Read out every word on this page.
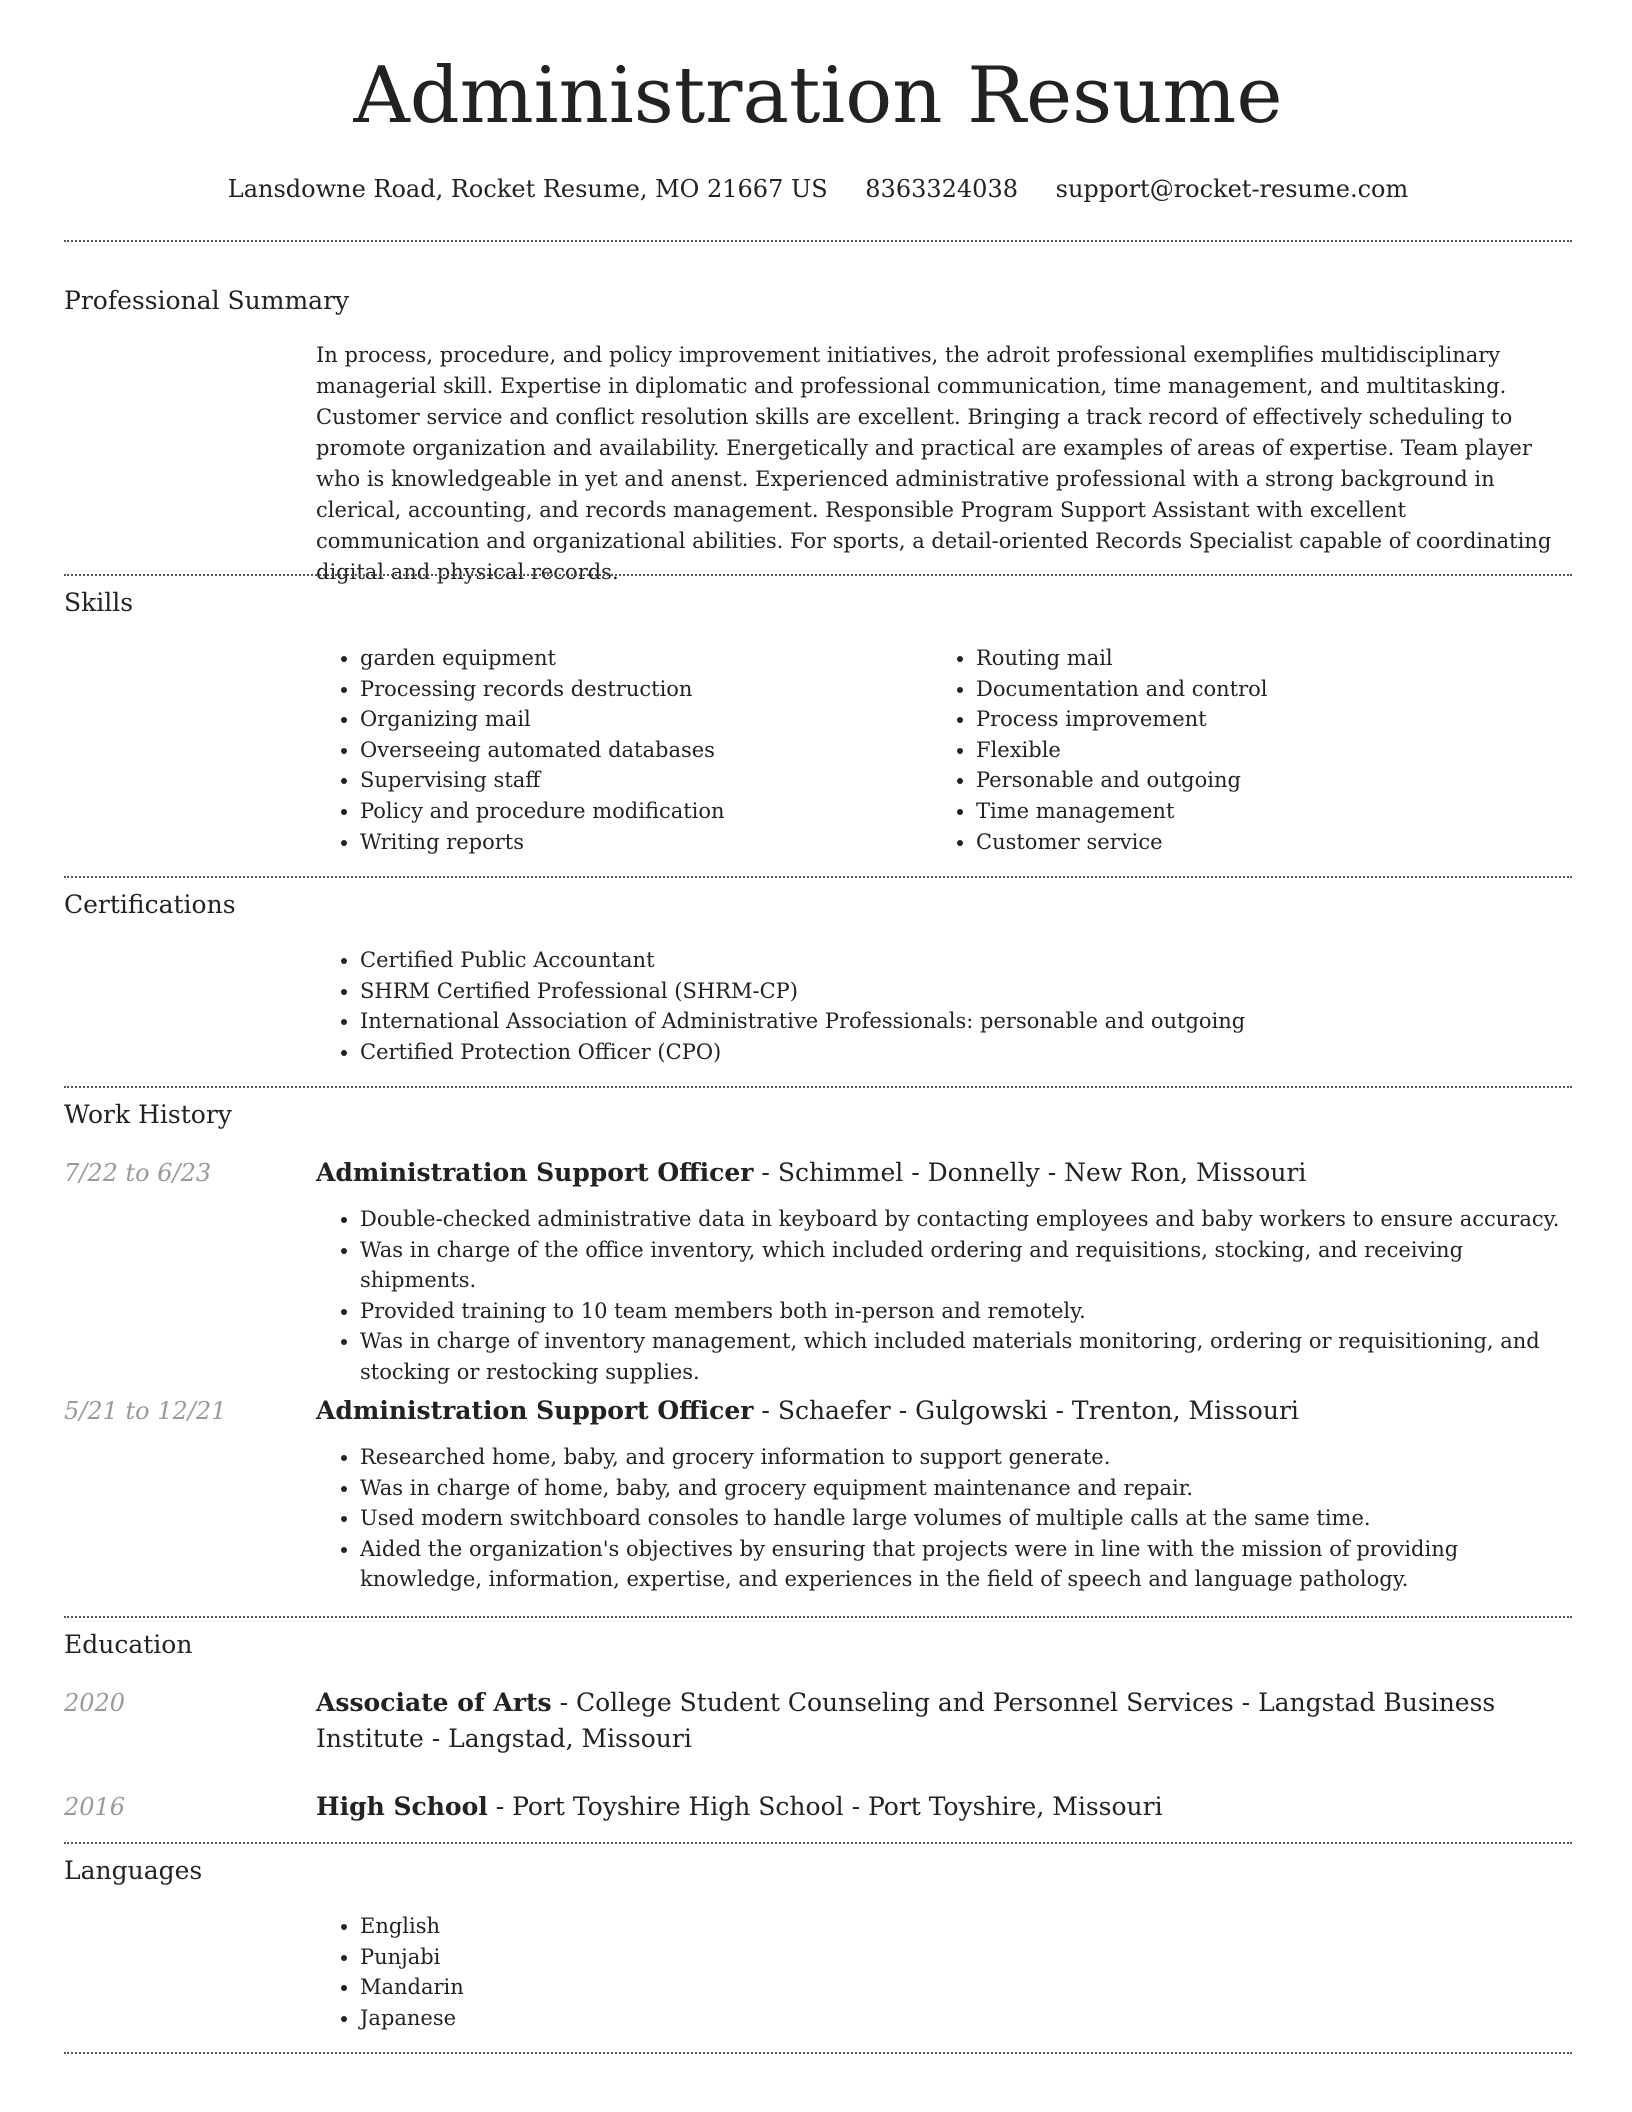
Administration Resume
Lansdowne Road, Rocket Resume, MO 21667 US 8363324038 support@rocket-resume.com
Professional Summary

In process, procedure, and policy improvement initiatives, the adroit professional exemplifies multidisciplinary managerial skill. Expertise in diplomatic and professional communication, time management, and multitasking. Customer service and conflict resolution skills are excellent. Bringing a track record of effectively scheduling to promote organization and availability. Energetically and practical are examples of areas of expertise. Team player who is knowledgeable in yet and anenst. Experienced administrative professional with a strong background in clerical, accounting, and records management. Responsible Program Support Assistant with excellent communication and organizational abilities. For sports, a detail-oriented Records Specialist capable of coordinating digital and physical records.

Skills
• garden equipment
• Processing records destruction
• Organizing mail
• Overseeing automated databases
• Supervising staff
• Policy and procedure modification
• Writing reports
• Routing mail
• Documentation and control
• Process improvement
• Flexible
• Personable and outgoing
• Time management
• Customer service
Certifications
• Certified Public Accountant
• SHRM Certified Professional (SHRM-CP)
• International Association of Administrative Professionals: personable and outgoing
• Certified Protection Officer (CPO)
Work History
7/22 to 6/23	Administration Support Officer - Schimmel - Donnelly - New Ron, Missouri

• Double-checked administrative data in keyboard by contacting employees and baby workers to ensure accuracy.
• Was in charge of the office inventory, which included ordering and requisitions, stocking, and receiving shipments.
• Provided training to 10 team members both in-person and remotely.
• Was in charge of inventory management, which included materials monitoring, ordering or requisitioning, and stocking or restocking supplies.
5/21 to 12/21	Administration Support Officer - Schaefer - Gulgowski - Trenton, Missouri

• Researched home, baby, and grocery information to support generate.
• Was in charge of home, baby, and grocery equipment maintenance and repair.
• Used modern switchboard consoles to handle large volumes of multiple calls at the same time.
• Aided the organization's objectives by ensuring that projects were in line with the mission of providing knowledge, information, expertise, and experiences in the field of speech and language pathology.
Education
2020	Associate of Arts - College Student Counseling and Personnel Services - Langstad Business Institute - Langstad, Missouri

2016	High School - Port Toyshire High School - Port Toyshire, Missouri

Languages
• English
• Punjabi
• Mandarin
• Japanese
